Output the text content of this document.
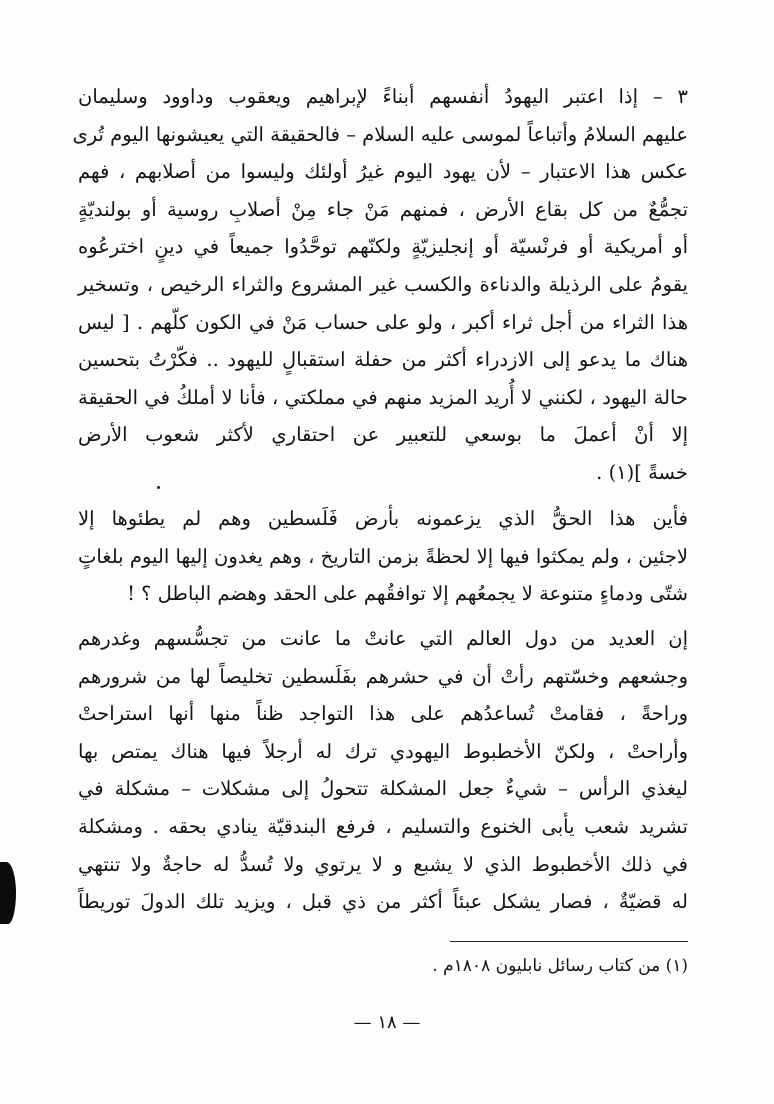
٣ – إذا اعتبر اليهودُ أنفسهم أبناءً لإبراهيم ويعقوب وداوود وسليمان
عليهم السلامُ وأتباعاً لموسى عليه السلام – فالحقيقة التي يعيشونها اليوم تُرى
عكس هذا الاعتبار – لأن يهود اليوم غيرُ أولئك وليسوا من أصلابهم ، فهم
تجمُّعٌ من كل بقاع الأرض ، فمنهم مَنْ جاء مِنْ أصلابِ روسية أو بولنديّةٍ
أو أمريكية أو فرنْسيّة أو إنجليزيّةٍ ولكنّهم توحَّدُوا جميعاً في دينٍ اخترعُوه
يقومُ على الرذيلة والدناءة والكسب غير المشروع والثراء الرخيص ، وتسخير
هذا الثراء من أجل ثراء أكبر ، ولو على حساب مَنْ في الكون كلّهم . [ ليس
هناك ما يدعو إلى الازدراء أكثر من حفلة استقبالٍ لليهود .. فكّرْتُ بتحسين
حالة اليهود ، لكنني لا أُريد المزيد منهم في مملكتي ، فأنا لا أملكُ في الحقيقة
إلا أنْ أعملَ ما بوسعي للتعبير عن احتقاري لأكثر شعوب الأرض
خسةً ](١) .
فأين هذا الحقُّ الذي يزعمونه بأرض فَلَسطين وهم لم يطئوها إلا
لاجئين ، ولم يمكثوا فيها إلا لحظةً بزمن التاريخ ، وهم يغدون إليها اليوم بلغاتٍ
شتّى ودماءٍ متنوعة لا يجمعُهم إلا توافقُهم على الحقد وهضم الباطل ؟ !
إن العديد من دول العالم التي عانتْ ما عانت من تجسُّسهم وغدرهم
وجشعهم وخسّتهم رأتْ أن في حشرهم بفَلَسطين تخليصاً لها من شرورهم
وراحةً ، فقامتْ تُساعدُهم على هذا التواجد ظناً منها أنها استراحتْ
وأراحتْ ، ولكنّ الأخطبوط اليهودي ترك له أرجلاً فيها هناك يمتص بها
ليغذي الرأس – شيءٌ جعل المشكلة تتحولُ إلى مشكلات – مشكلة في
تشريد شعب يأبى الخنوع والتسليم ، فرفع البندقيّة ينادي بحقه . ومشكلة
في ذلك الأخطبوط الذي لا يشبع و لا يرتوي ولا تُسدُّ له حاجةٌ ولا تنتهي
له قضيّةٌ ، فصار يشكل عبئاً أكثر من ذي قبل ، ويزيد تلك الدولَ توريطاً
(١) من كتاب رسائل نابليون ١٨٠٨م .
— ١٨ —
